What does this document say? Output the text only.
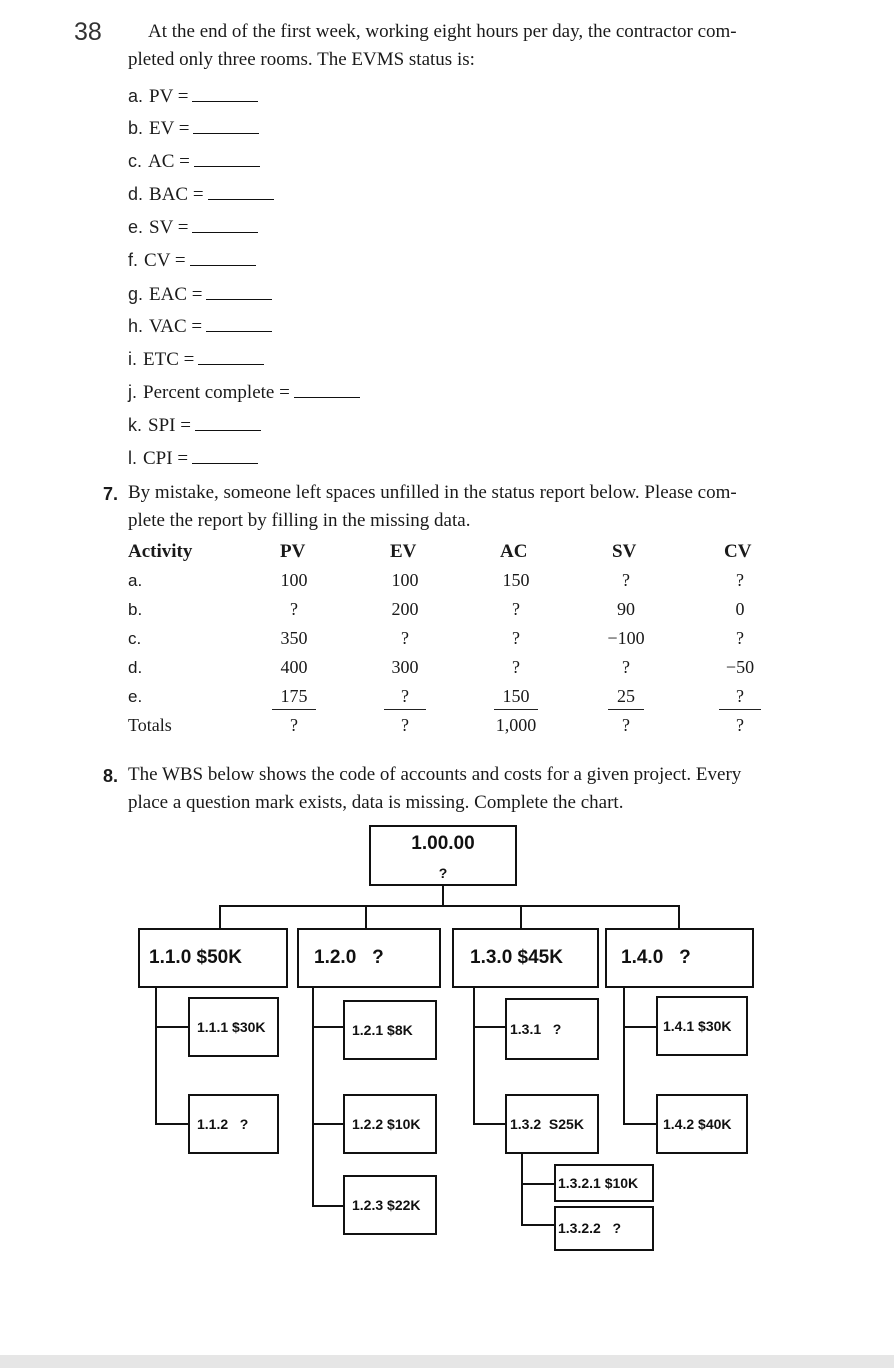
38	At the end of the first week, working eight hours per day, the contractor com-
pleted only three rooms. The EVMS status is:
a. PV =
b. EV =
c. AC =
d. BAC =
e. SV =
f. CV =
g. EAC =
h. VAC =
i. ETC =
j. Percent complete =
k. SPI =
l. CPI =
7. By mistake, someone left spaces unfilled in the status report below. Please com-
plete the report by filling in the missing data.
Activity	PV	EV	AC	SV	CV
a.	100	100	150	?	?
b.	?	200	?	90	0
c.	350	?	?	−100	?
d.	400	300	?	?	−50
e.	175	?	150	25	?
Totals	?	?	1,000	?	?
8. The WBS below shows the code of accounts and costs for a given project. Every
place a question mark exists, data is missing. Complete the chart.
1.00.00
?
1.1.0 $50K	1.2.0   ?	1.3.0 $45K	1.4.0   ?
1.1.1 $30K
1.1.2   ?
1.2.1 $8K
1.2.2 $10K
1.2.3 $22K
1.3.1   ?
1.3.2  S25K
1.3.2.1 $10K
1.3.2.2   ?
1.4.1 $30K
1.4.2 $40K
